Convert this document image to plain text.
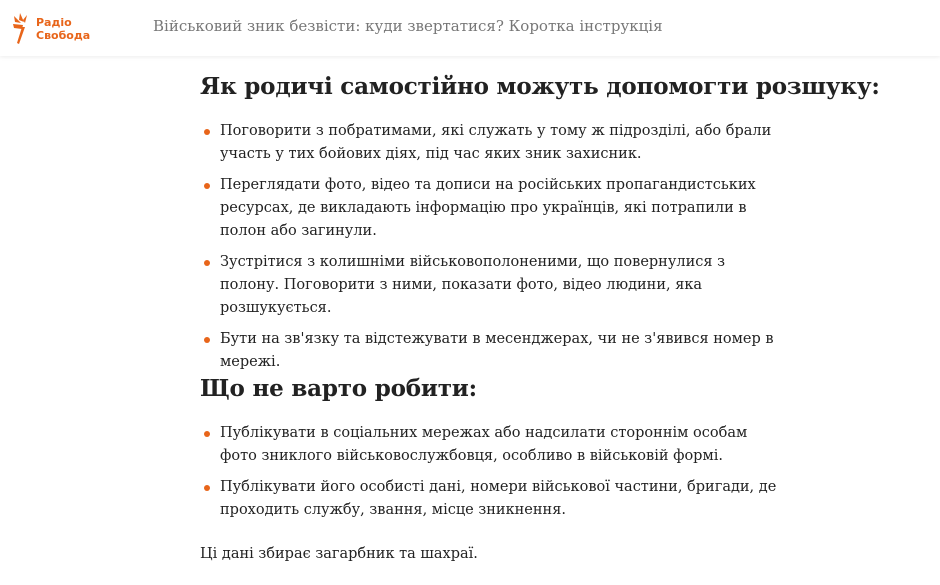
Радіо
Свобода
Військовий зник безвісти: куди звертатися? Коротка інструкція
Як родичі самостійно можуть допомогти розшуку:
Поговорити з побратимами, які служать у тому ж підрозділі, або брали участь у тих бойових діях, під час яких зник захисник.
Переглядати фото, відео та дописи на російських пропагандистських ресурсах, де викладають інформацію про українців, які потрапили в полон або загинули.
Зустрітися з колишніми військовополоненими, що повернулися з полону. Поговорити з ними, показати фото, відео людини, яка розшукується.
Бути на зв'язку та відстежувати в месенджерах, чи не з'явився номер в мережі.
Що не варто робити:
Публікувати в соціальних мережах або надсилати стороннім особам фото зниклого військовослужбовця, особливо в військовій формі.
Публікувати його особисті дані, номери військової частини, бригади, де проходить службу, звання, місце зникнення.

Ці дані збирає загарбник та шахраї.
